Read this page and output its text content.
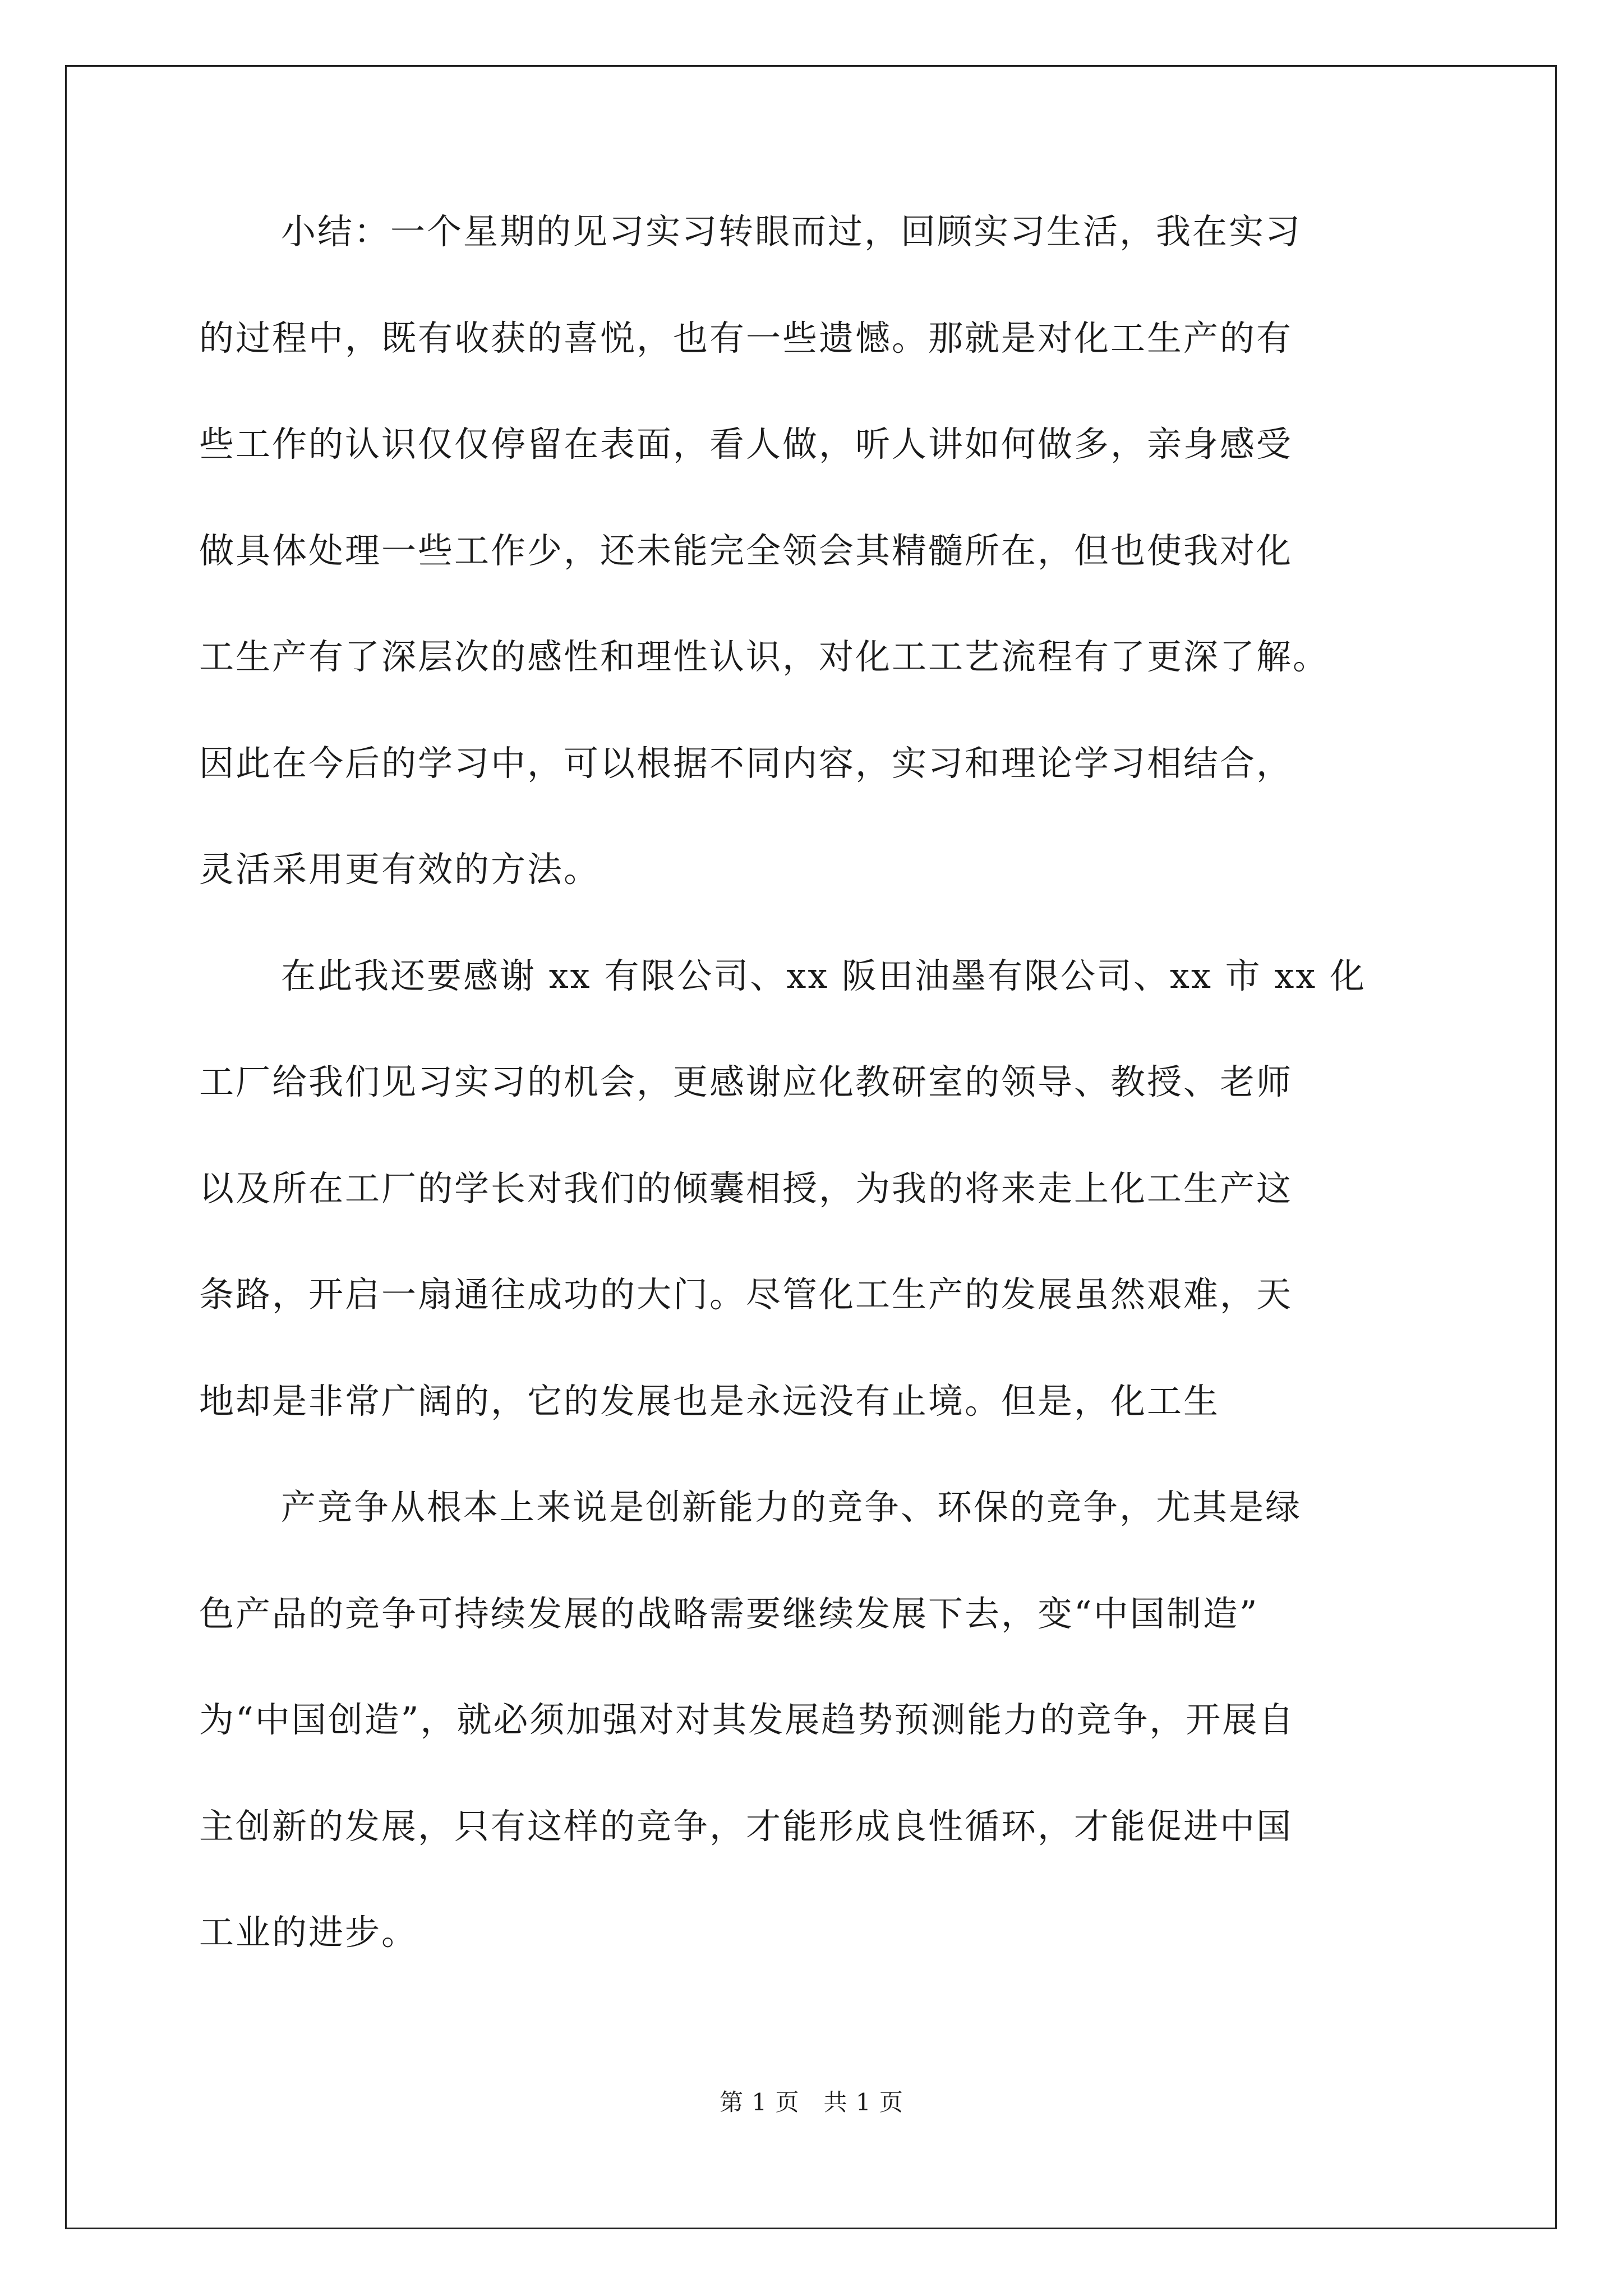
小结：一个星期的见习实习转眼而过，回顾实习生活，我在实习
的过程中，既有收获的喜悦，也有一些遗憾。那就是对化工生产的有
些工作的认识仅仅停留在表面，看人做，听人讲如何做多，亲身感受
做具体处理一些工作少，还未能完全领会其精髓所在，但也使我对化
工生产有了深层次的感性和理性认识，对化工工艺流程有了更深了解。
因此在今后的学习中，可以根据不同内容，实习和理论学习相结合，
灵活采用更有效的方法。
在此我还要感谢 xx 有限公司、xx 阪田油墨有限公司、xx 市 xx 化
工厂给我们见习实习的机会，更感谢应化教研室的领导、教授、老师
以及所在工厂的学长对我们的倾囊相授，为我的将来走上化工生产这
条路，开启一扇通往成功的大门。尽管化工生产的发展虽然艰难，天
地却是非常广阔的，它的发展也是永远没有止境。但是，化工生
产竞争从根本上来说是创新能力的竞争、环保的竞争，尤其是绿
色产品的竞争可持续发展的战略需要继续发展下去，变“中国制造”
为“中国创造”，就必须加强对对其发展趋势预测能力的竞争，开展自
主创新的发展，只有这样的竞争，才能形成良性循环，才能促进中国
工业的进步。
第 1 页　共 1 页
